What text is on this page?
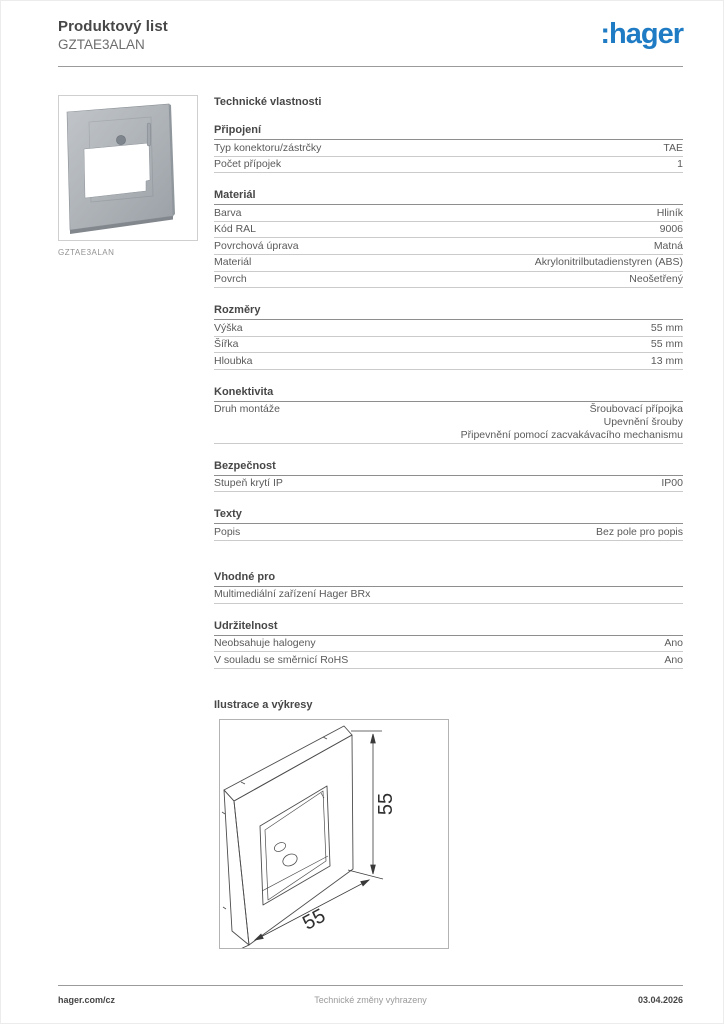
Produktový list
GZTAE3ALAN	:hager
GZTAE3ALAN
Technické vlastnosti
Připojení
Typ konektoru/zástrčky	TAE
Počet přípojek	1
Materiál
Barva	Hliník
Kód RAL	9006
Povrchová úprava	Matná
Materiál	Akrylonitrilbutadienstyren (ABS)
Povrch	Neošetřený
Rozměry
Výška	55 mm
Šířka	55 mm
Hloubka	13 mm
Konektivita
Druh montáže	Šroubovací přípojka
Upevnění šrouby
Připevnění pomocí zacvakávacího mechanismu
Bezpečnost
Stupeň krytí IP	IP00
Texty
Popis	Bez pole pro popis
Vhodné pro
Multimediální zařízení Hager BRx
Udržitelnost
Neobsahuje halogeny	Ano
V souladu se směrnicí RoHS	Ano
Ilustrace a výkresy
55
55
Technické změny vyhrazeny
hager.com/cz	03.04.2026
